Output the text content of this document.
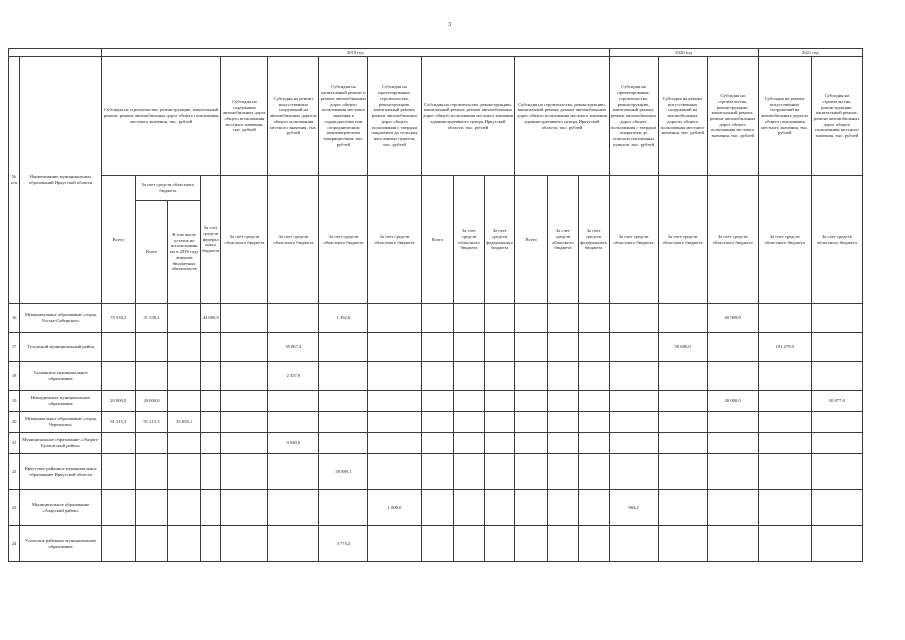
3
		2019 год														2020 год			2021 год	
№ п/п	Наименование муниципальных образований Иркутской области	Субсидия на строительство, реконструкцию, капитальный ремонт, ремонт автомобильных дорог общего пользования местного значения, тыс. рублей				Субсидия на содержание автомобильных дорог общего пользования местного значения, тыс. рублей	Субсидия на ремонт искусственных сооружений на автомобильных дорогах общего пользования местного значения, тыс. рублей	Субсидия на капитальный ремонт и ремонт автомобильных дорог общего пользования местного значения к садоводческим или огородническим некоммерческим товариществам, тыс. рублей	Субсидия на проектирование, строительство, реконструкцию, капитальный ремонт, ремонт автомобильных дорог общего пользования с твердым покрытием до сельских населенных пунктов, тыс. рублей	Субсидия на строительство, реконструкцию, капитальный ремонт, ремонт автомобильных дорог общего пользования местного значения административного центра Иркутской области, тыс. рублей			Субсидия на строительство, реконструкцию, капитальный ремонт, ремонт автомобильных дорог общего пользования местного значения административного центра Иркутской области, тыс. рублей			Субсидия на проектирование, строительство, реконструкцию, капитальный ремонт, ремонт автомобильных дорог общего пользования с твердым покрытием до сельских населенных пунктов, тыс. рублей	Субсидия на ремонт искусственных сооружений на автомобильных дорогах общего пользования местного значения, тыс. рублей	Субсидия на строительство, реконструкцию, капитальный ремонт, ремонт автомобильных дорог общего пользования местного значения, тыс. рублей	Субсидия на ремонт искусственных сооружений на автомобильных дорогах общего пользования местного значения, тыс. рублей	Субсидия на строительство, реконструкцию, капитальный ремонт, ремонт автомобильных дорог общего пользования местного значения, тыс. рублей
		Всего	За счет средств областного бюджета		За счет средств федерального бюджета	За счет средств областного бюджета	За счет средств областного бюджета	За счет средств областного бюджета	За счет средств областного бюджета	Всего	За счет средств областного бюджета	За счет средств федерального бюджета	Всего	За счет средств областного бюджета	За счет средств федерального бюджета	За счет средств областного бюджета	За счет средств областного бюджета	За счет средств областного бюджета	За счет средств областного бюджета	За счет средств областного бюджета
			Всего	В том числе остаток не использованных в 2018 году лимитов бюджетных обязательств																
16	Муниципальное образование «город Усолье-Сибирское»	75 339,2	31 339,2		44 000,0			1 392,6										60 909,8		
17	Тулунский муниципальный район						35 867,4										50 000,0		191 479,0	
18	Тальянское муниципальное образование						2 357,9													
19	Новоудинское муниципальное образование	20 000,0	20 000,0															20 000,0		50 077,0
20	Муниципальное образование «город Черемхово»	91 215,3	91 215,3	35 056,1																
21	Муниципальное образование «Эхирит-Булагатский район»						9 040,0													
22	Иркутское районное муниципальное образование Иркутской области							39 889,1												
23	Муниципальное образование «Аларский район»								1 000,0							984,2				
24	Усольское районное муниципальное образование							3 775,2												
